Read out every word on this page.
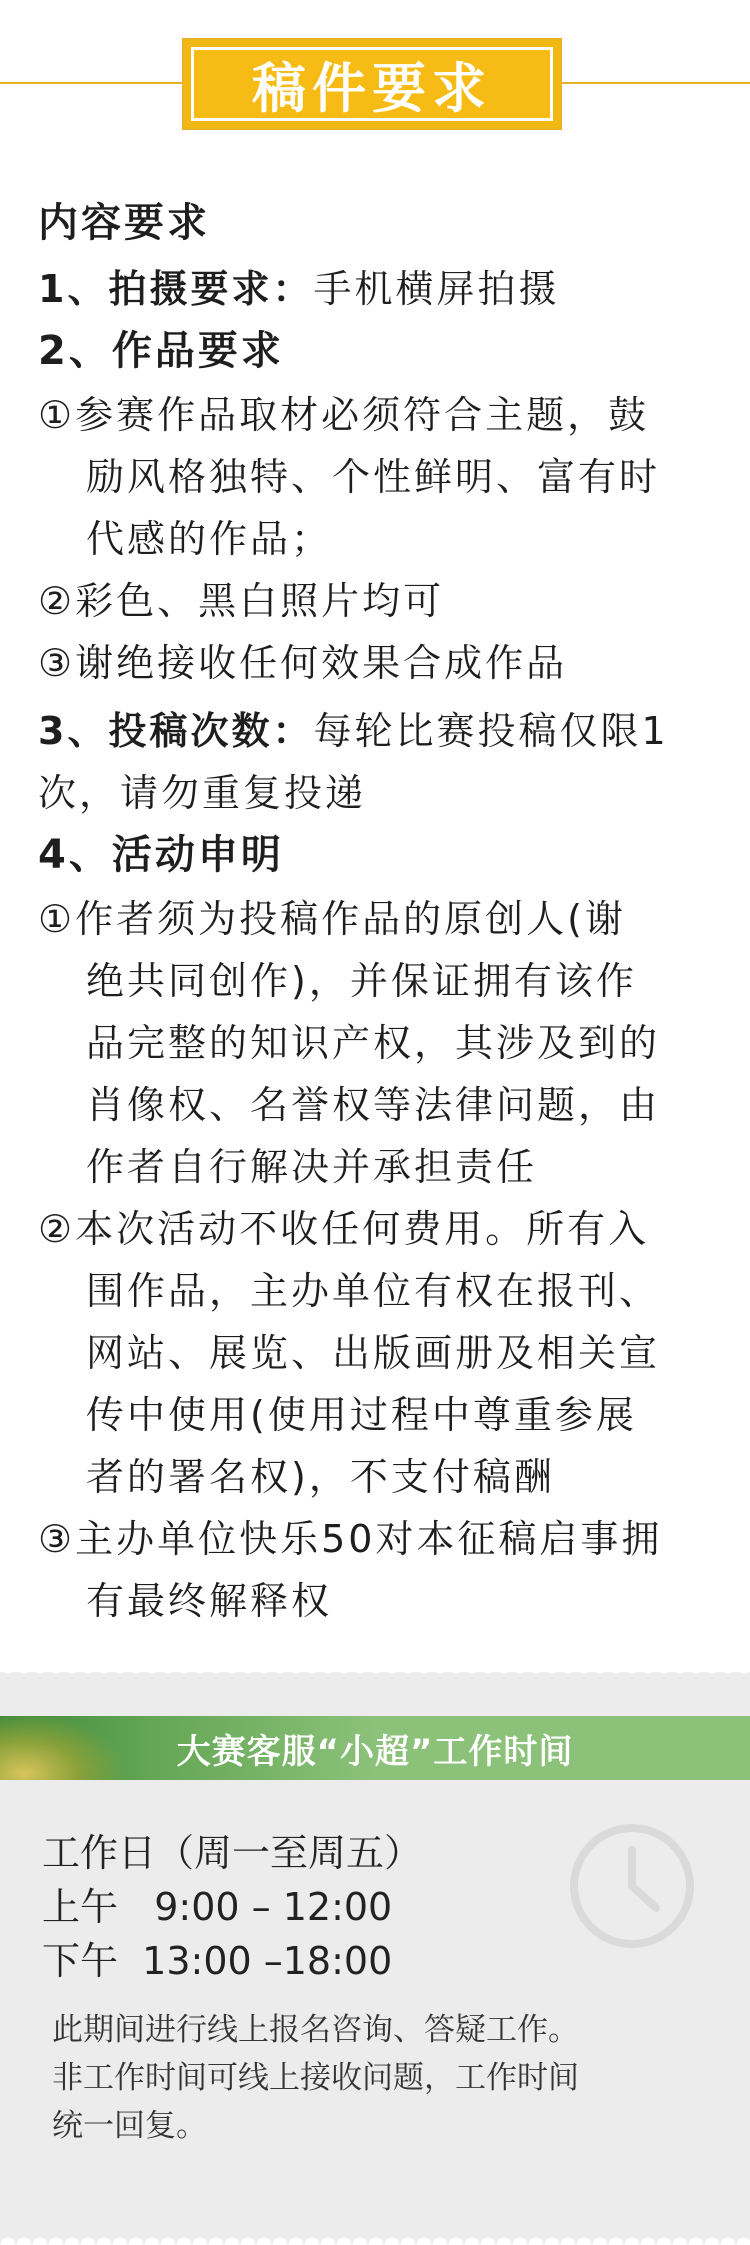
稿件要求
内容要求
1、拍摄要求：手机横屏拍摄
2、作品要求
①参赛作品取材必须符合主题，鼓
励风格独特、个性鲜明、富有时
代感的作品；
②彩色、黑白照片均可
③谢绝接收任何效果合成作品
3、投稿次数：每轮比赛投稿仅限1
次，请勿重复投递
4、活动申明
①作者须为投稿作品的原创人(谢
绝共同创作)，并保证拥有该作
品完整的知识产权，其涉及到的
肖像权、名誉权等法律问题，由
作者自行解决并承担责任
②本次活动不收任何费用。所有入
围作品，主办单位有权在报刊、
网站、展览、出版画册及相关宣
传中使用(使用过程中尊重参展
者的署名权)，不支付稿酬
③主办单位快乐50对本征稿启事拥
有最终解释权
大赛客服“小超”工作时间
工作日（周一至周五）
上午   9:00 – 12:00
下午  13:00 –18:00
此期间进行线上报名咨询、答疑工作。
非工作时间可线上接收问题，工作时间
统一回复。
